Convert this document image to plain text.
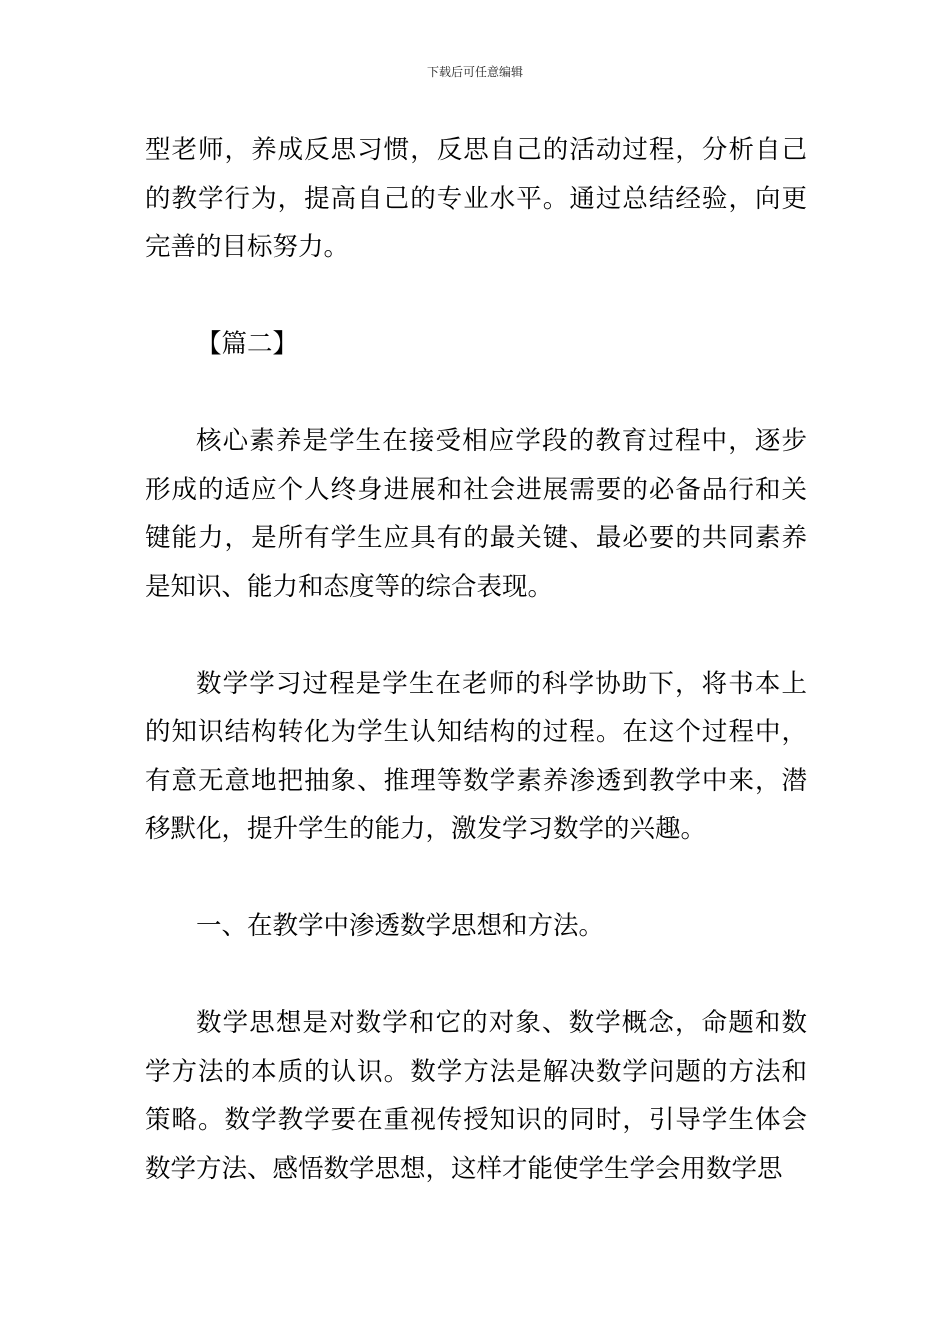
下载后可任意编辑

型老师，养成反思习惯，反思自己的活动过程，分析自己的教学行为，提高自己的专业水平。通过总结经验，向更完善的目标努力。

【篇二】

核心素养是学生在接受相应学段的教育过程中，逐步形成的适应个人终身进展和社会进展需要的必备品行和关键能力，是所有学生应具有的最关键、最必要的共同素养是知识、能力和态度等的综合表现。

数学学习过程是学生在老师的科学协助下，将书本上的知识结构转化为学生认知结构的过程。在这个过程中，有意无意地把抽象、推理等数学素养渗透到教学中来，潜移默化，提升学生的能力，激发学习数学的兴趣。

一、在教学中渗透数学思想和方法。

数学思想是对数学和它的对象、数学概念，命题和数学方法的本质的认识。数学方法是解决数学问题的方法和策略。数学教学要在重视传授知识的同时，引导学生体会数学方法、感悟数学思想，这样才能使学生学会用数学思
